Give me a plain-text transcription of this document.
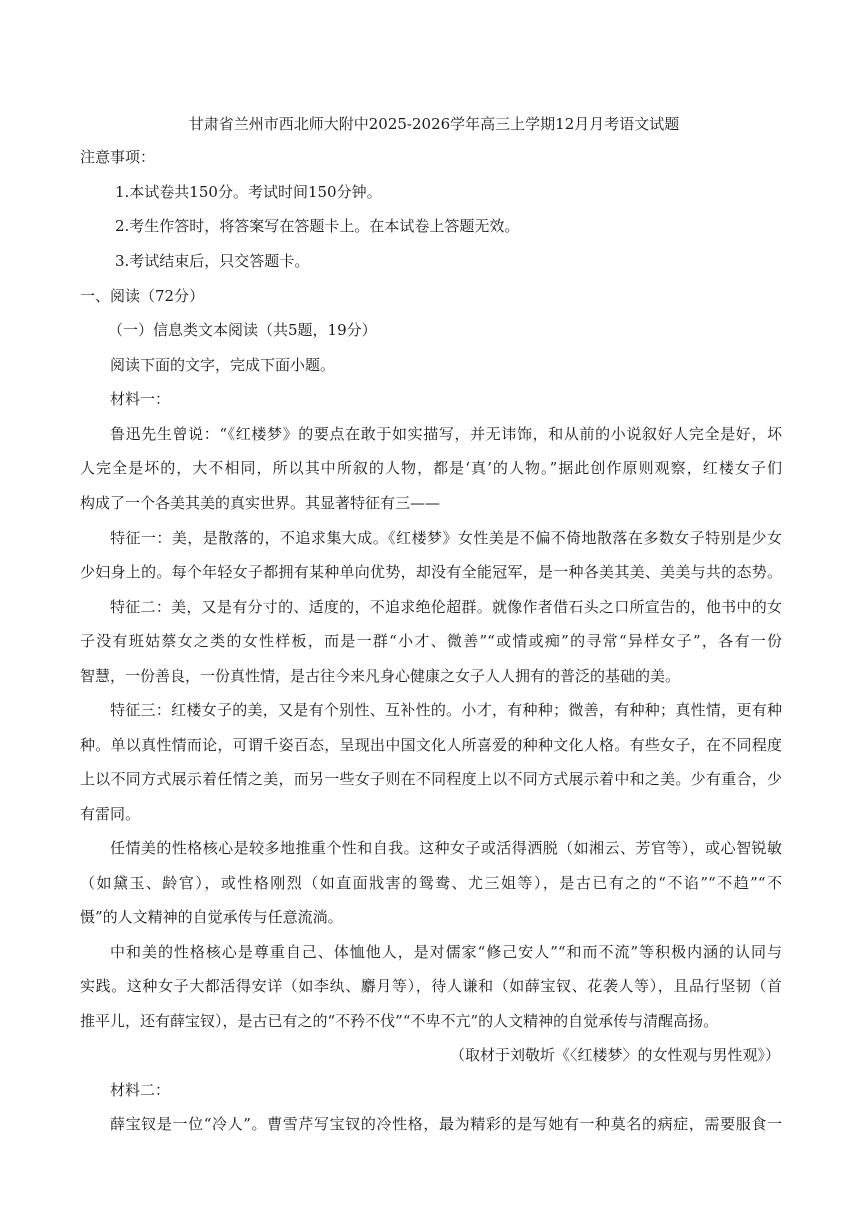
甘肃省兰州市西北师大附中2025-2026学年高三上学期12月月考语文试题
注意事项：
1.本试卷共150分。考试时间150分钟。
2.考生作答时，将答案写在答题卡上。在本试卷上答题无效。
3.考试结束后，只交答题卡。
一、阅读（72分）
（一）信息类文本阅读（共5题，19分）
阅读下面的文字，完成下面小题。
材料一：
鲁迅先生曾说：“《红楼梦》的要点在敢于如实描写，并无讳饰，和从前的小说叙好人完全是好，坏
人完全是坏的，大不相同，所以其中所叙的人物，都是‘真’的人物。”据此创作原则观察，红楼女子们
构成了一个各美其美的真实世界。其显著特征有三——
特征一：美，是散落的，不追求集大成。《红楼梦》女性美是不偏不倚地散落在多数女子特别是少女
少妇身上的。每个年轻女子都拥有某种单向优势，却没有全能冠军，是一种各美其美、美美与共的态势。
特征二：美，又是有分寸的、适度的，不追求绝伦超群。就像作者借石头之口所宣告的，他书中的女
子没有班姑蔡女之类的女性样板，而是一群“小才、微善”“或情或痴”的寻常“异样女子”，各有一份
智慧，一份善良，一份真性情，是古往今来凡身心健康之女子人人拥有的普泛的基础的美。
特征三：红楼女子的美，又是有个别性、互补性的。小才，有种种；微善，有种种；真性情，更有种
种。单以真性情而论，可谓千姿百态，呈现出中国文化人所喜爱的种种文化人格。有些女子，在不同程度
上以不同方式展示着任情之美，而另一些女子则在不同程度上以不同方式展示着中和之美。少有重合，少
有雷同。
任情美的性格核心是较多地推重个性和自我。这种女子或活得洒脱（如湘云、芳官等），或心智锐敏
（如黛玉、龄官），或性格刚烈（如直面戕害的鸳鸯、尤三姐等），是古已有之的“不谄”“不趋”“不
慑”的人文精神的自觉承传与任意流淌。
中和美的性格核心是尊重自己、体恤他人，是对儒家“修己安人”“和而不流”等积极内涵的认同与
实践。这种女子大都活得安详（如李纨、麝月等），待人谦和（如薛宝钗、花袭人等），且品行坚韧（首
推平儿，还有薛宝钗），是古已有之的“不矜不伐”“不卑不亢”的人文精神的自觉承传与清醒高扬。
（取材于刘敬圻《〈红楼梦〉的女性观与男性观》）
材料二：
薛宝钗是一位“冷人”。曹雪芹写宝钗的冷性格，最为精彩的是写她有一种莫名的病症，需要服食一
